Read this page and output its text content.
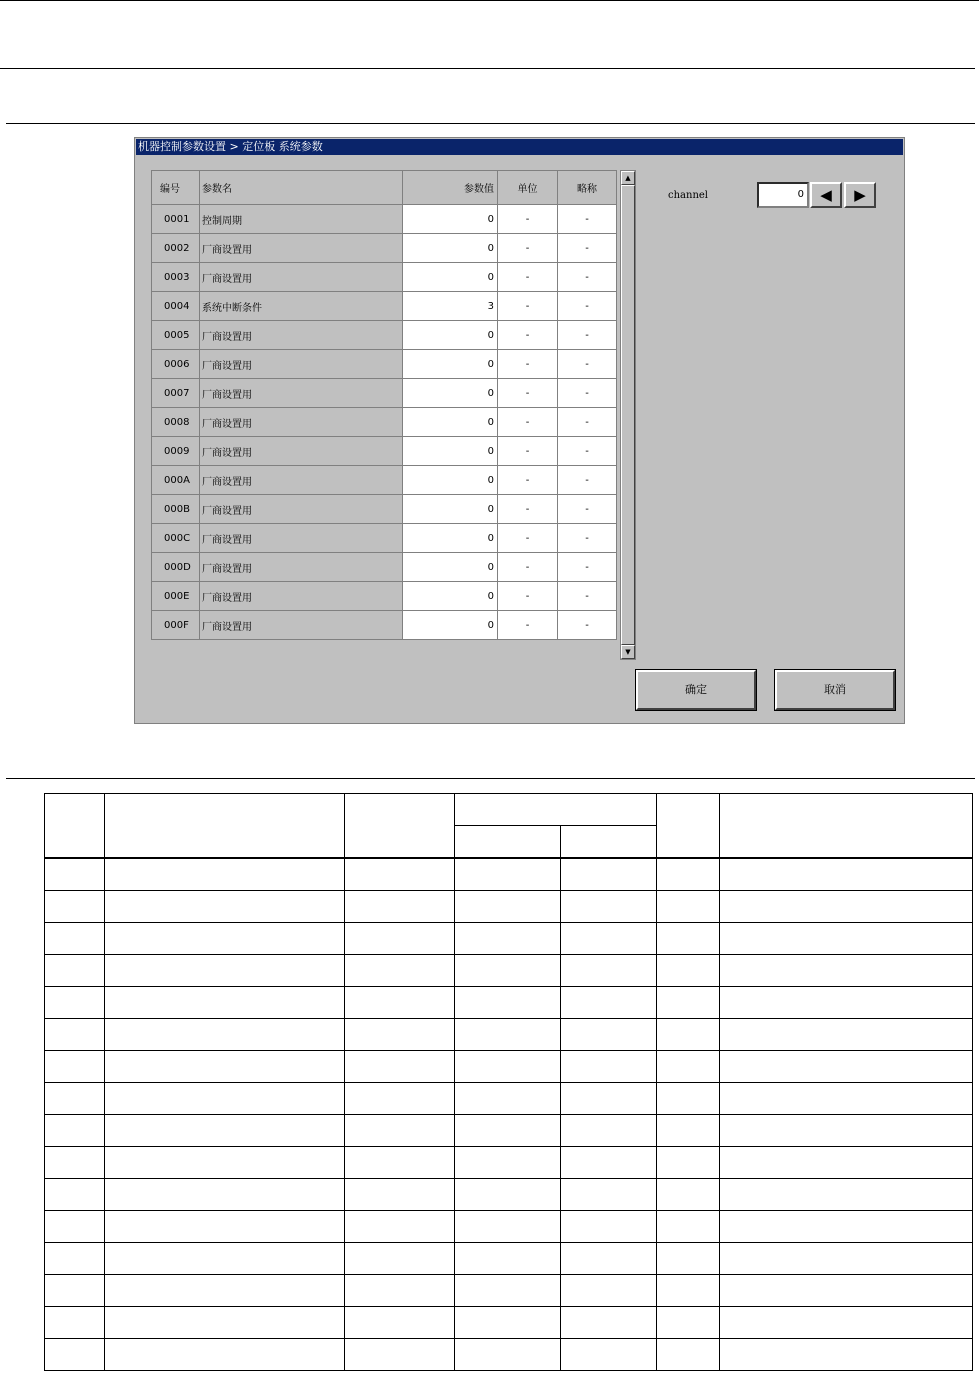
机器控制参数设置 > 定位板 系统参数
编号	参数名	参数值	单位	略称
0001	控制周期	0	-	-
0002	厂商设置用	0	-	-
0003	厂商设置用	0	-	-
0004	系统中断条件	3	-	-
0005	厂商设置用	0	-	-
0006	厂商设置用	0	-	-
0007	厂商设置用	0	-	-
0008	厂商设置用	0	-	-
0009	厂商设置用	0	-	-
000A	厂商设置用	0	-	-
000B	厂商设置用	0	-	-
000C	厂商设置用	0	-	-
000D	厂商设置用	0	-	-
000E	厂商设置用	0	-	-
000F	厂商设置用	0	-	-
▲
▼
channel	0	◀	▶
确定	取消
